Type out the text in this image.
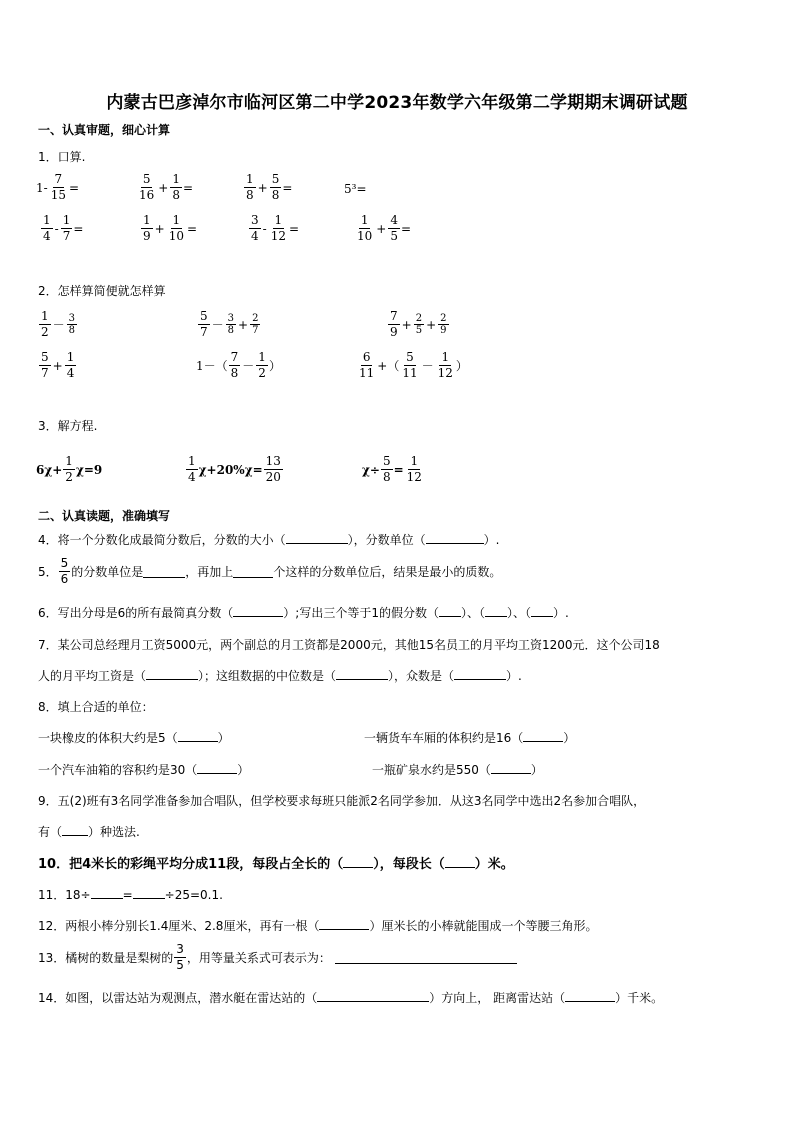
内蒙古巴彦淖尔市临河区第二中学2023年数学六年级第二学期期末调研试题
一、认真审题，细心计算
1．口算.
$1- \frac{7}{15}$ =	$\frac{5}{16} + \frac{1}{8}$ =	$\frac{1}{8} + \frac{5}{8}$ =	5³=
$\frac{1}{4} - \frac{1}{7}$ =	$\frac{1}{9} + \frac{1}{10}$ =	$\frac{3}{4} - \frac{1}{12}$ =	$\frac{1}{10} + \frac{4}{5}$ =
2．怎样算简便就怎样算
$\frac{1}{2} - \frac{3}{8}$	$\frac{5}{7} - \frac{3}{8} + \frac{2}{7}$	$\frac{7}{9} + \frac{2}{5} + \frac{2}{9}$
$\frac{5}{7} + \frac{1}{4}$	$1-( \frac{7}{8} - \frac{1}{2}$ ）	$\frac{6}{11}$ +（ $\frac{5}{11} - \frac{1}{12}$ ）
3．解方程.
$6\chi+ \frac{1}{2} \chi=9$	$\frac{1}{4} \chi+20\%\chi= \frac{13}{20}$	$\chi\div \frac{5}{8} = \frac{1}{12}$
二、认真读题，准确填写
4．将一个分数化成最简分数后，分数的大小（	），分数单位（	）.
5． $\frac{5}{6}$ 的分数单位是	，再加上	个这样的分数单位后，结果是最小的质数。
6．写出分母是6的所有最简真分数（	）;写出三个等于1的假分数（ ）、（ ）、（ ）.
7．某公司总经理月工资5000元，两个副总的月工资都是2000元，其他15名员工的月平均工资1200元．这个公司18
人的月平均工资是（	）；这组数据的中位数是（	），众数是（	）.
8．填上合适的单位：
一块橡皮的体积大约是5（	）	一辆货车车厢的体积约是16（	）
一个汽车油箱的容积约是30（	）	一瓶矿泉水约是550（	）
9．五(2)班有3名同学准备参加合唱队，但学校要求每班只能派2名同学参加．从这3名同学中选出2名参加合唱队，
有（ ）种选法.
10．把4米长的彩绳平均分成11段，每段占全长的（ ），每段长（ ）米。
11．18÷	=	÷25=0.1.
12．两根小棒分别长1.4厘米、2.8厘米，再有一根（	）厘米长的小棒就能围成一个等腰三角形。
13．橘树的数量是梨树的 $\frac{3}{5}$ ，用等量关系式可表示为：
14．如图，以雷达站为观测点，潜水艇在雷达站的（	）方向上， 距离雷达站（	）千米。
